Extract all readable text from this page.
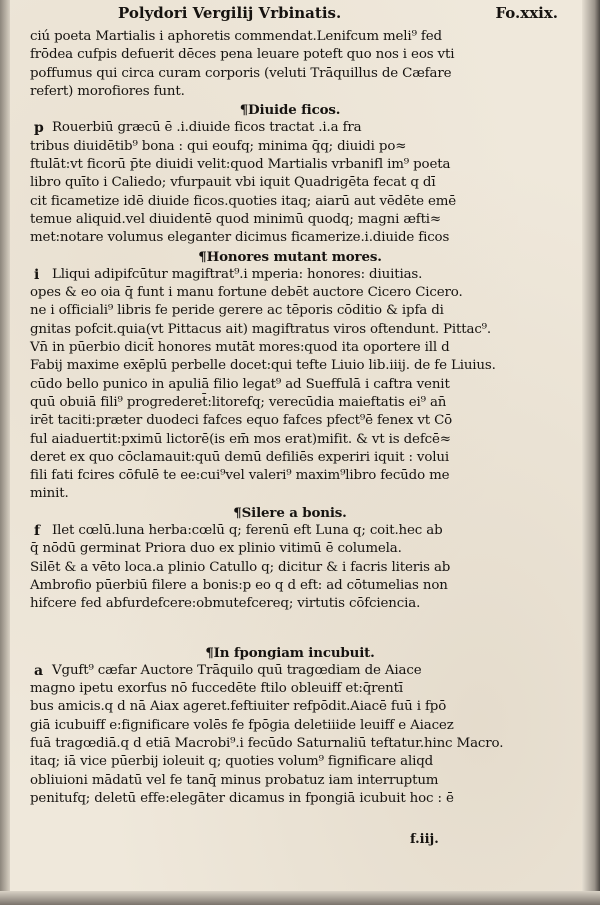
Polydori Vergilij Vrbinatis.	Fo.xxix.
ciú poeta Martialis i aphoretis commendat.Lenifcum meli⁹ fed
frōdea cufpis defuerit dēces pena leuare poteft quo nos i eos vti
poffumus qui circa curam corporis (veluti Trāquillus de Cæfare
refert) morofiores funt.
¶Diuide ficos.
p Rouerbiū græcū ē .i.diuide ficos tractat .i.a fra
tribus diuidētib⁹ bona : qui eoufq; minima q̄q; diuidi po≈
ftulāt:vt ficorū p̄te diuidi velit:quod Martialis vrbanifl im⁹ poeta
libro quīto i Caliedo; vfurpauit vbi iquit Quadrigēta fecat q dī
cit ficametize idē diuide ficos.quoties itaq; aiarū aut vēdēte emē
temue aliquid.vel diuidentē quod minimū quodq; magni æfti≈
met:notare volumus eleganter dicimus ficamerize.i.diuide ficos
¶Honores mutant mores.
i Lliqui adipifcūtur magiftrat⁹.i mperia: honores: diuitias.
opes & eo oia q̄ funt i manu fortune debēt auctore Cicero Cicero.
ne i oſficiali⁹ libris fe peride gerere ac tēporis cōditio & ipfa di
gnitas pofcit.quia(vt Pittacus ait) magiftratus viros oftendunt. Pittac⁹.
Vn̄ in pūerbio dicit̄ honores mutāt mores:quod ita oportere ill d
Fabij maxime exēplū perbelle docet:qui tefte Liuio lib.iiij. de fe Liuius.
cūdo bello punico in apuliā filio legat⁹ ad Sueffulā i caftra venit
quū obuiā fili⁹ progrederet̄:litorefq; verecūdia maieftatis ei⁹ an̄
irēt taciti:præter duodeci fafces equo fafces pfect⁹ē fenex vt Cō
ful aiaduertit:pximū lictorē(is em̄ mos erat)mifit. & vt is defcē≈
deret ex quo cōclamauit:quū demū defiliēs experiri iquit : volui
fili fati fcires cōfulē te ee:cui⁹vel valeri⁹ maxim⁹libro fecūdo me
minit.
¶Silere a bonis.
f Ilet cœlū.luna herba:cœlū q; ferenū eft Luna q; coit.hec ab
q̄ nōdū germinat Priora duo ex plinio vitimū ē columela.
Silēt & a vēto loca.a plinio Catullo q; dicitur & i facris literis ab
Ambrofio pūerbiū filere a bonis:p eo q d eft: ad cōtumelias non
hifcere fed abfurdefcere:obmutefcereq; virtutis cōfciencia.
¶In fpongiam incubuit.
a Vguft⁹ cæfar Auctore Trāquilo quū tragœdiam de Aiace
magno ipetu exorfus nō fuccedēte ftilo obleuiff et:q̄rentī
bus amicis.q d nā Aiax ageret.feftiuiter refpōdit.Aiacē fuū i fpō
giā icubuiff e:fignificare volēs fe fpōgia deletiiide leuiff e Aiacez
fuā tragœdiā.q d etiā Macrobi⁹.i fecūdo Saturnaliū teftatur.hinc Macro.
itaq; iā vice pūerbij ioleuit q; quoties volum⁹ fignificare aliqd
obliuioni mādatū vel fe tanq̄ minus probatuz iam interruptum
penitufq; deletū effe:elegāter dicamus in fpongiā icubuit hoc : ē
f.iij.
